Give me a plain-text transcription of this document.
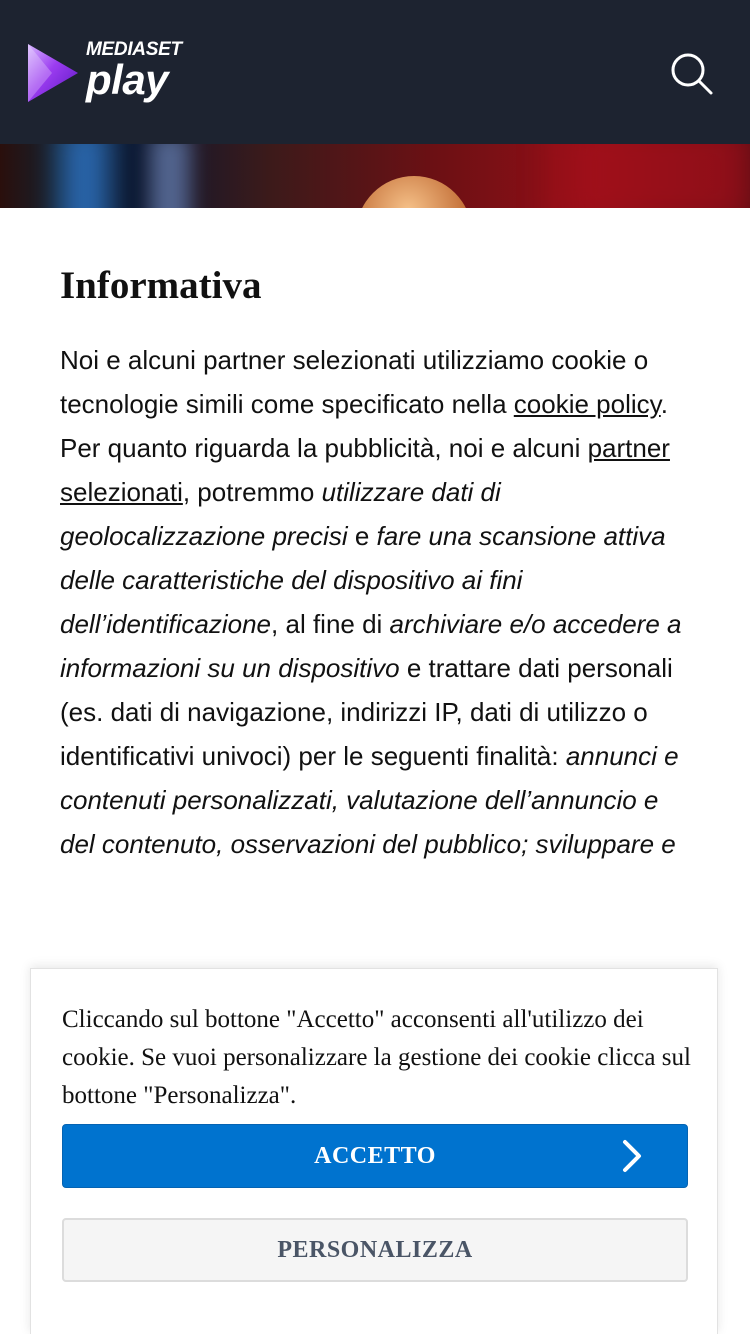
MEDIASET
play
Informativa
Noi e alcuni partner selezionati utilizziamo cookie o tecnologie simili come specificato nella cookie policy.
Per quanto riguarda la pubblicità, noi e alcuni partner selezionati, potremmo utilizzare dati di geolocalizzazione precisi e fare una scansione attiva delle caratteristiche del dispositivo ai fini dell’identificazione, al fine di archiviare e/o accedere a informazioni su un dispositivo e trattare dati personali (es. dati di navigazione, indirizzi IP, dati di utilizzo o identificativi univoci) per le seguenti finalità: annunci e contenuti personalizzati, valutazione dell’annuncio e del contenuto, osservazioni del pubblico; sviluppare e
Cliccando sul bottone "Accetto" acconsenti all'utilizzo dei cookie. Se vuoi personalizzare la gestione dei cookie clicca sul bottone "Personalizza".
ACCETTO
PERSONALIZZA
